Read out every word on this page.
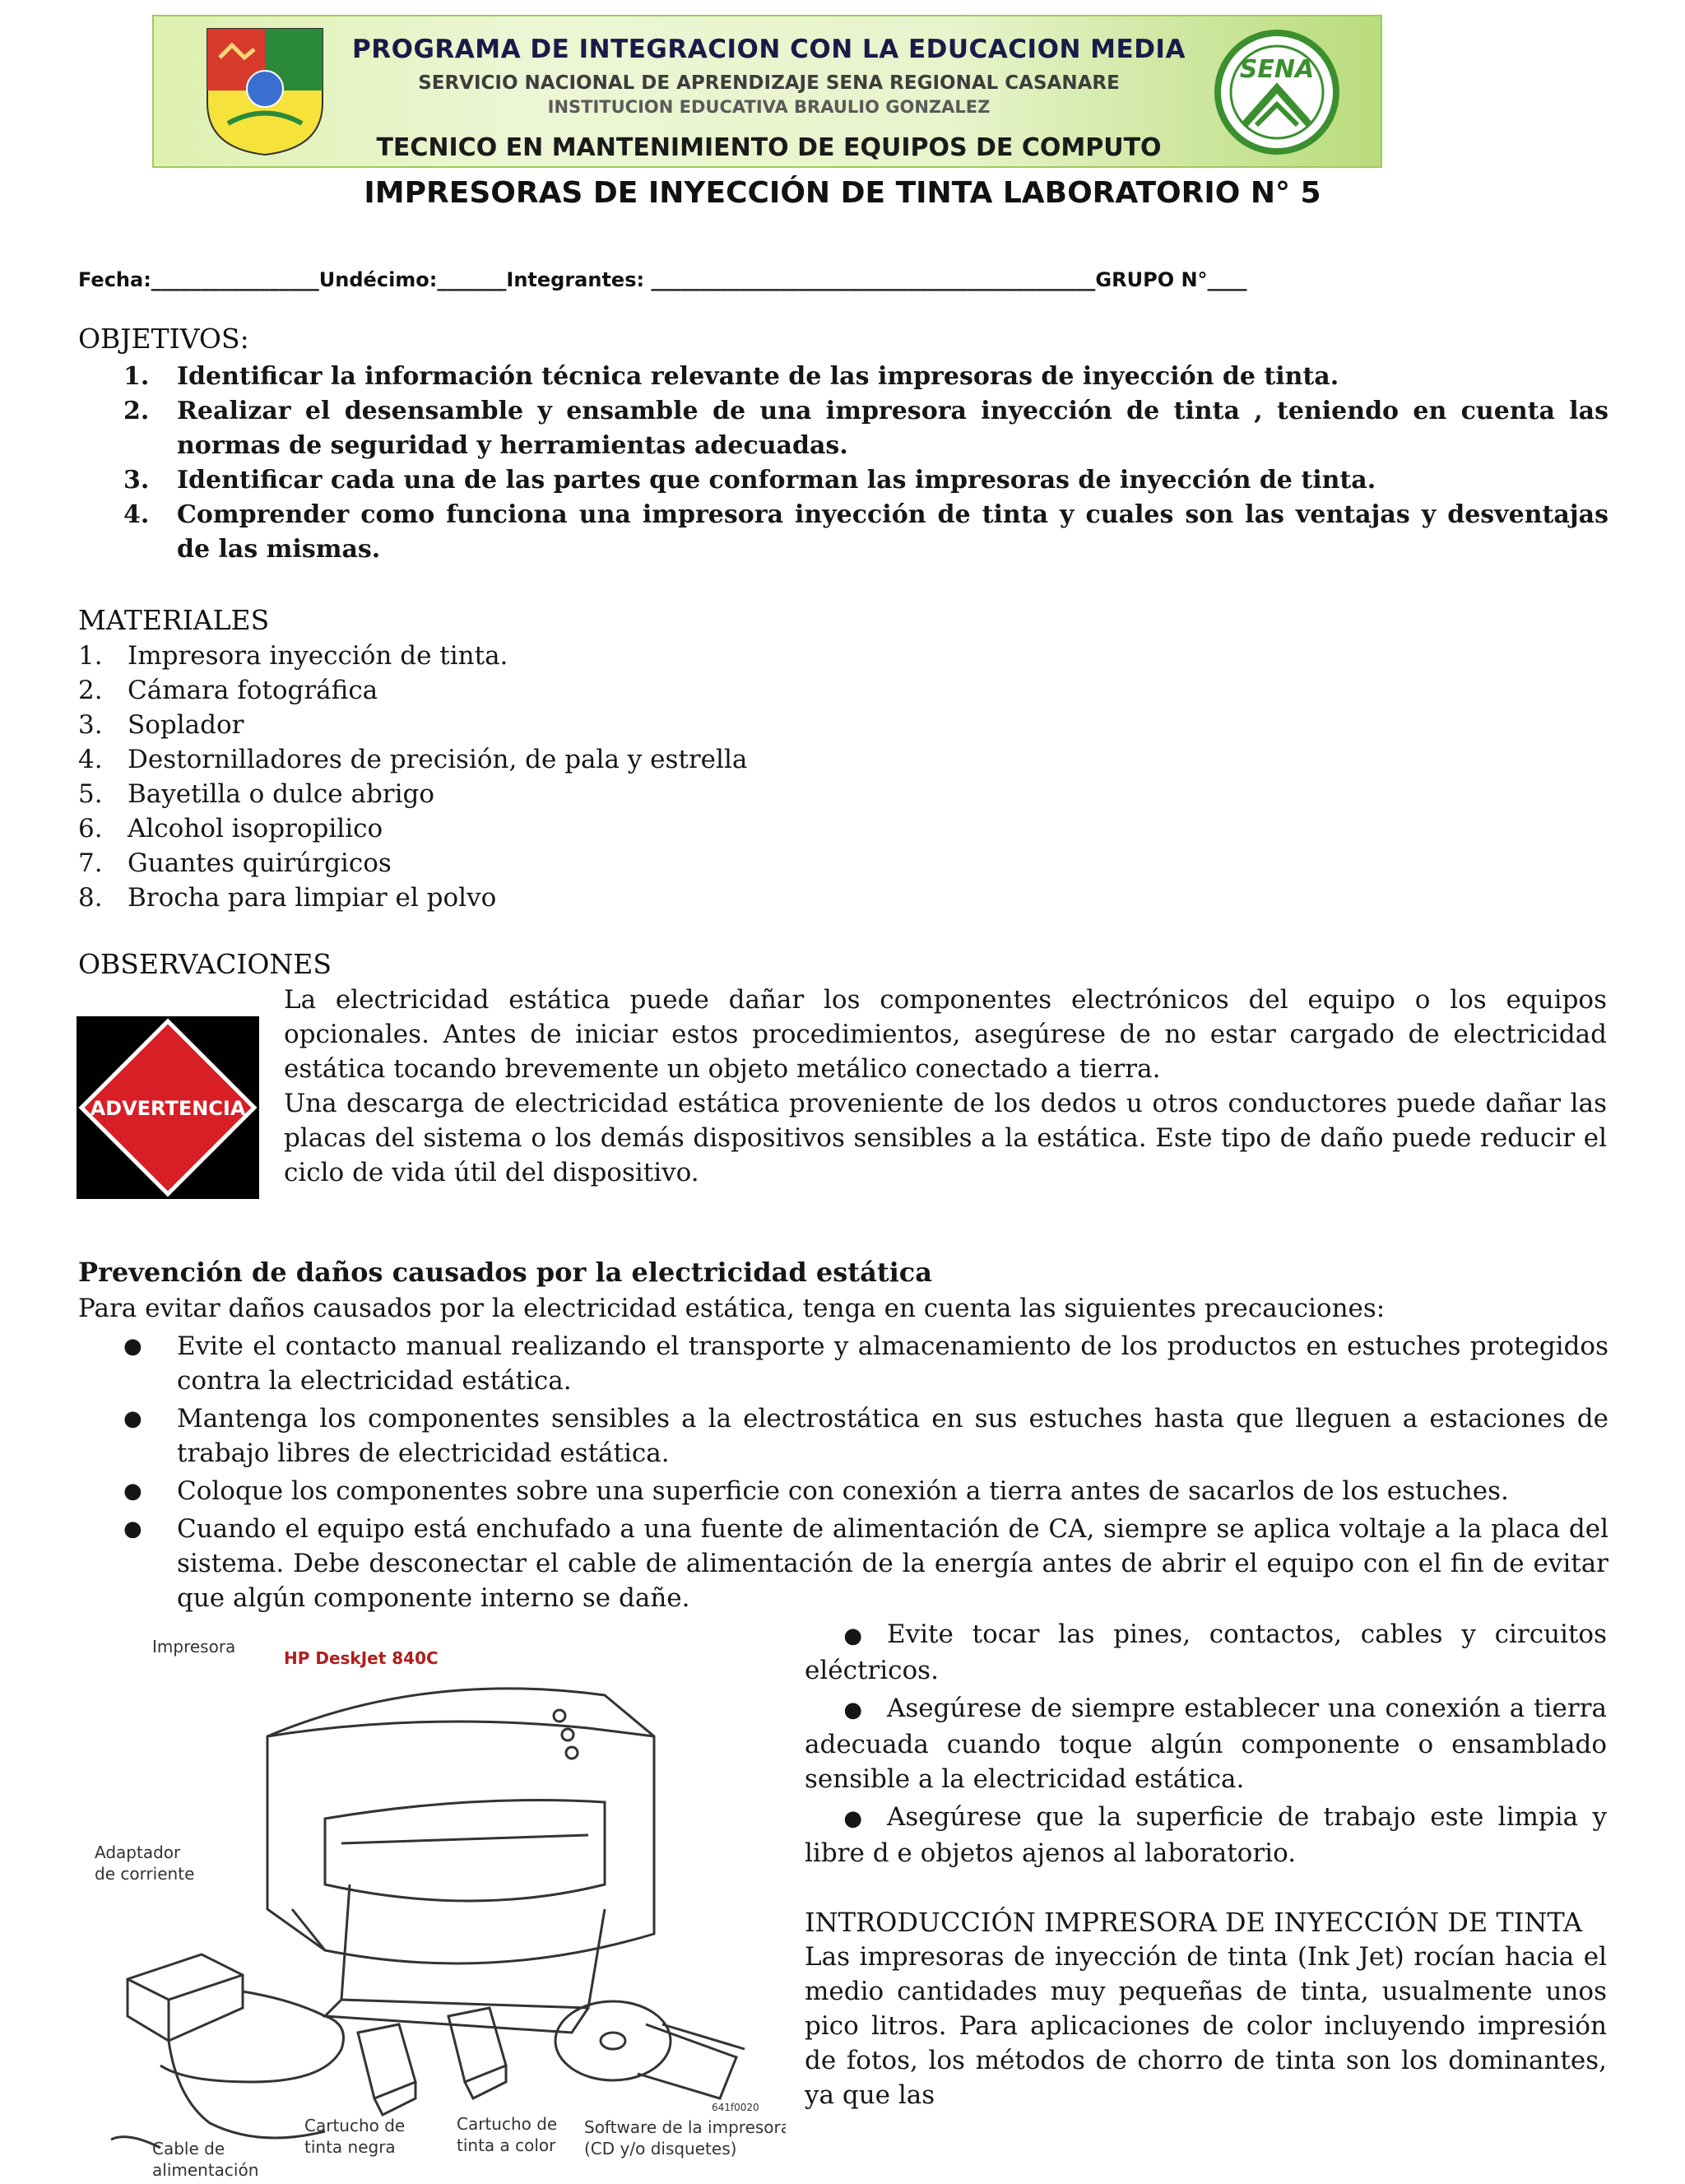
PROGRAMA DE INTEGRACION CON LA EDUCACION MEDIA
SERVICIO NACIONAL DE APRENDIZAJE SENA REGIONAL CASANARE
INSTITUCION EDUCATIVA BRAULIO GONZALEZ
TECNICO EN MANTENIMIENTO DE EQUIPOS DE COMPUTO
SENA
IMPRESORAS DE INYECCIÓN DE TINTA LABORATORIO N° 5
Fecha:_________________Undécimo:_______Integrantes: _____________________________________________GRUPO N°____
OBJETIVOS:
1. Identificar la información técnica relevante de las impresoras de inyección de tinta.
2. Realizar el desensamble y ensamble de una impresora inyección de tinta , teniendo en cuenta las normas de seguridad y herramientas adecuadas.
3. Identificar cada una de las partes que conforman las impresoras de inyección de tinta.
4. Comprender como funciona una impresora inyección de tinta y cuales son las ventajas y desventajas de las mismas.
MATERIALES
1. Impresora inyección de tinta.
2. Cámara fotográfica
3. Soplador
4. Destornilladores de precisión, de pala y estrella
5. Bayetilla o dulce abrigo
6. Alcohol isopropilico
7. Guantes quirúrgicos
8. Brocha para limpiar el polvo
OBSERVACIONES
ADVERTENCIA
La electricidad estática puede dañar los componentes electrónicos del equipo o los equipos opcionales. Antes de iniciar estos procedimientos, asegúrese de no estar cargado de electricidad estática tocando brevemente un objeto metálico conectado a tierra.
Una descarga de electricidad estática proveniente de los dedos u otros conductores puede dañar las placas del sistema o los demás dispositivos sensibles a la estática. Este tipo de daño puede reducir el ciclo de vida útil del dispositivo.
Prevención de daños causados por la electricidad estática
Para evitar daños causados por la electricidad estática, tenga en cuenta las siguientes precauciones:
● Evite el contacto manual realizando el transporte y almacenamiento de los productos en estuches protegidos contra la electricidad estática.
● Mantenga los componentes sensibles a la electrostática en sus estuches hasta que lleguen a estaciones de trabajo libres de electricidad estática.
● Coloque los componentes sobre una superficie con conexión a tierra antes de sacarlos de los estuches.
● Cuando el equipo está enchufado a una fuente de alimentación de CA, siempre se aplica voltaje a la placa del sistema. Debe desconectar el cable de alimentación de la energía antes de abrir el equipo con el fin de evitar que algún componente interno se dañe.
● Evite tocar las pines, contactos, cables y circuitos eléctricos.
● Asegúrese de siempre establecer una conexión a tierra adecuada cuando toque algún componente o ensamblado sensible a la electricidad estática.
● Asegúrese que la superficie de trabajo este limpia y libre d e objetos ajenos al laboratorio.
INTRODUCCIÓN IMPRESORA DE INYECCIÓN DE TINTA
Las impresoras de inyección de tinta (Ink Jet) rocían hacia el medio cantidades muy pequeñas de tinta, usualmente unos pico litros. Para aplicaciones de color incluyendo impresión de fotos, los métodos de chorro de tinta son los dominantes, ya que las
Impresora
HP DeskJet 840C
Adaptador
de corriente
Cable de
alimentación
Cartucho de
tinta negra
Cartucho de
tinta a color
Software de la impresora
(CD y/o disquetes)
641f0020
